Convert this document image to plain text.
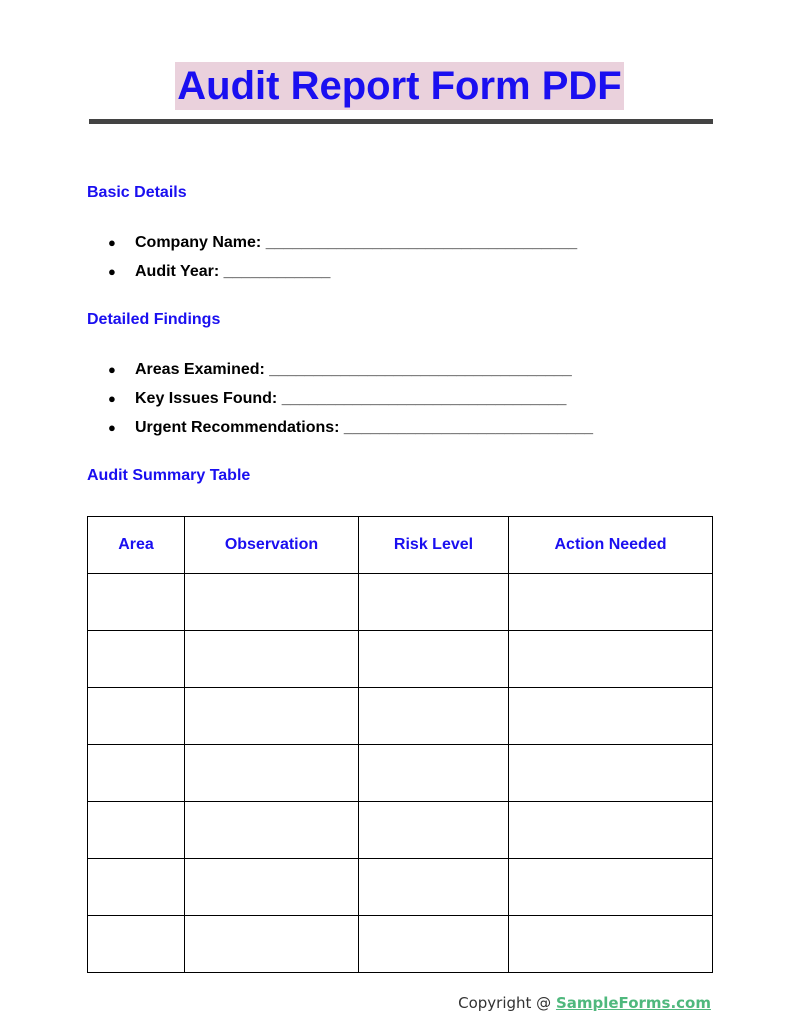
Audit Report Form PDF
Basic Details
● Company Name: ___________________________________
● Audit Year: ____________
Detailed Findings
● Areas Examined: __________________________________
● Key Issues Found: ________________________________
● Urgent Recommendations: ____________________________
Audit Summary Table
Area	Observation	Risk Level	Action Needed

Copyright @ SampleForms.com
